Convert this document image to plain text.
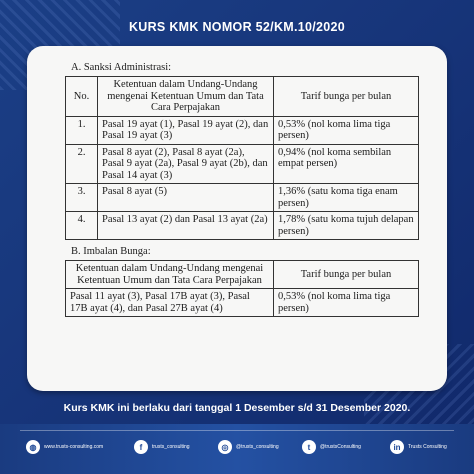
KURS KMK NOMOR 52/KM.10/2020
A. Sanksi Administrasi:
No.	Ketentuan dalam Undang-Undang mengenai Ketentuan Umum dan Tata Cara Perpajakan	Tarif bunga per bulan
1.	Pasal 19 ayat (1), Pasal 19 ayat (2), dan Pasal 19 ayat (3)	0,53% (nol koma lima tiga persen)
2.	Pasal 8 ayat (2), Pasal 8 ayat (2a), Pasal 9 ayat (2a), Pasal 9 ayat (2b), dan Pasal 14 ayat (3)	0,94% (nol koma sembilan empat persen)
3.	Pasal 8 ayat (5)	1,36% (satu koma tiga enam persen)
4.	Pasal 13 ayat (2) dan Pasal 13 ayat (2a)	1,78% (satu koma tujuh delapan persen)
B. Imbalan Bunga:
Ketentuan dalam Undang-Undang mengenai Ketentuan Umum dan Tata Cara Perpajakan	Tarif bunga per bulan
Pasal 11 ayat (3), Pasal 17B ayat (3), Pasal 17B ayat (4), dan Pasal 27B ayat (4)	0,53% (nol koma lima tiga persen)
Kurs KMK ini berlaku dari tanggal 1 Desember s/d 31 Desember 2020.
◍	www.trusts-consulting.com	f	trusts_consulting	◎	@trusts_consulting	t	@trustsConsulting	in	Trusts Consulting
